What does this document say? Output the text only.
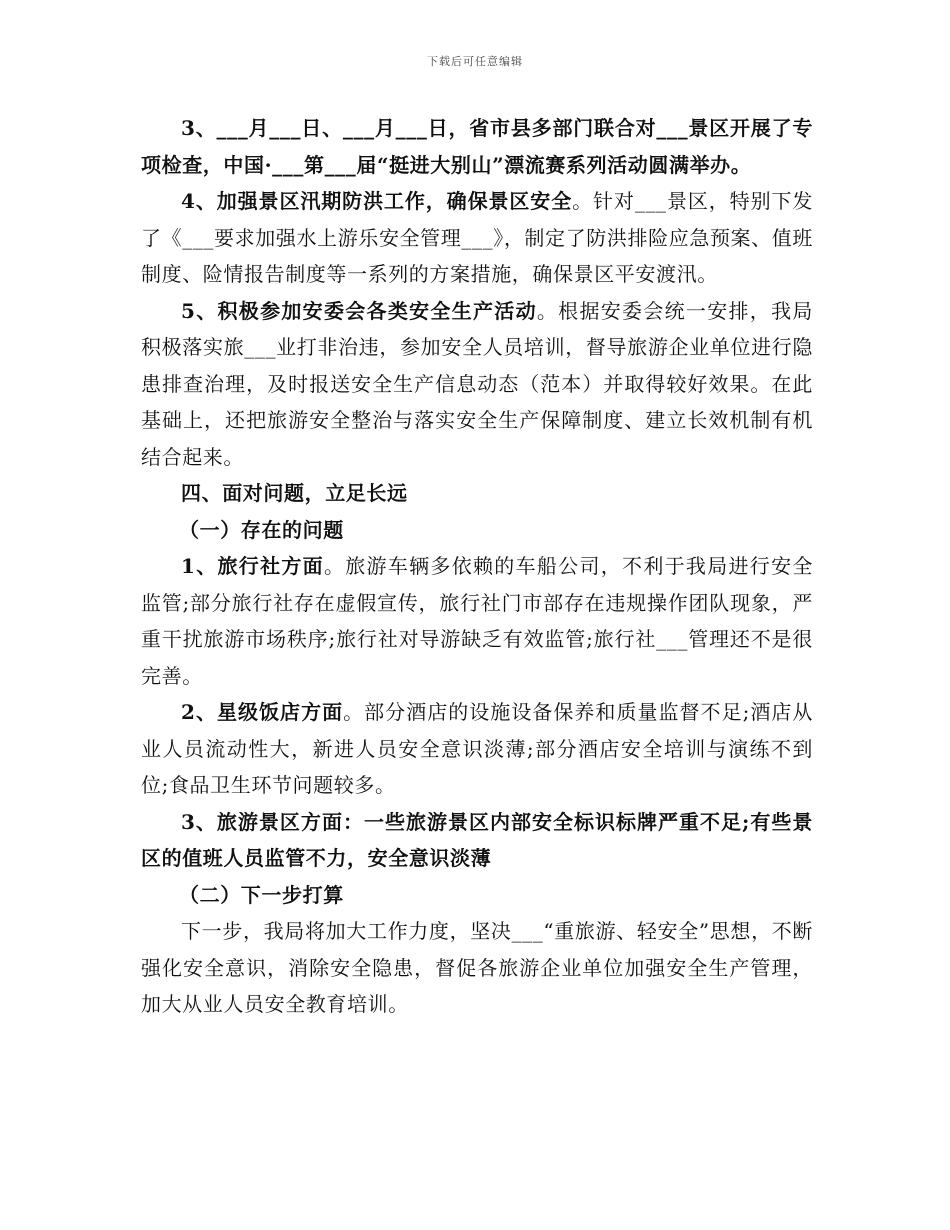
下载后可任意编辑

3、___月___日、___月___日，省市县多部门联合对___景区开展了专项检查，中国·___第___届“挺进大别山”漂流赛系列活动圆满举办。

4、加强景区汛期防洪工作，确保景区安全。针对___景区，特别下发了《___要求加强水上游乐安全管理___》，制定了防洪排险应急预案、值班制度、险情报告制度等一系列的方案措施，确保景区平安渡汛。

5、积极参加安委会各类安全生产活动。根据安委会统一安排，我局积极落实旅___业打非治违，参加安全人员培训，督导旅游企业单位进行隐患排查治理，及时报送安全生产信息动态（范本）并取得较好效果。在此基础上，还把旅游安全整治与落实安全生产保障制度、建立长效机制有机结合起来。

四、面对问题，立足长远

（一）存在的问题

1、旅行社方面。旅游车辆多依赖的车船公司，不利于我局进行安全监管;部分旅行社存在虚假宣传，旅行社门市部存在违规操作团队现象，严重干扰旅游市场秩序;旅行社对导游缺乏有效监管;旅行社___管理还不是很完善。

2、星级饭店方面。部分酒店的设施设备保养和质量监督不足;酒店从业人员流动性大，新进人员安全意识淡薄;部分酒店安全培训与演练不到位;食品卫生环节问题较多。

3、旅游景区方面：一些旅游景区内部安全标识标牌严重不足;有些景区的值班人员监管不力，安全意识淡薄

（二）下一步打算

下一步，我局将加大工作力度，坚决___“重旅游、轻安全”思想，不断强化安全意识，消除安全隐患，督促各旅游企业单位加强安全生产管理，加大从业人员安全教育培训。
